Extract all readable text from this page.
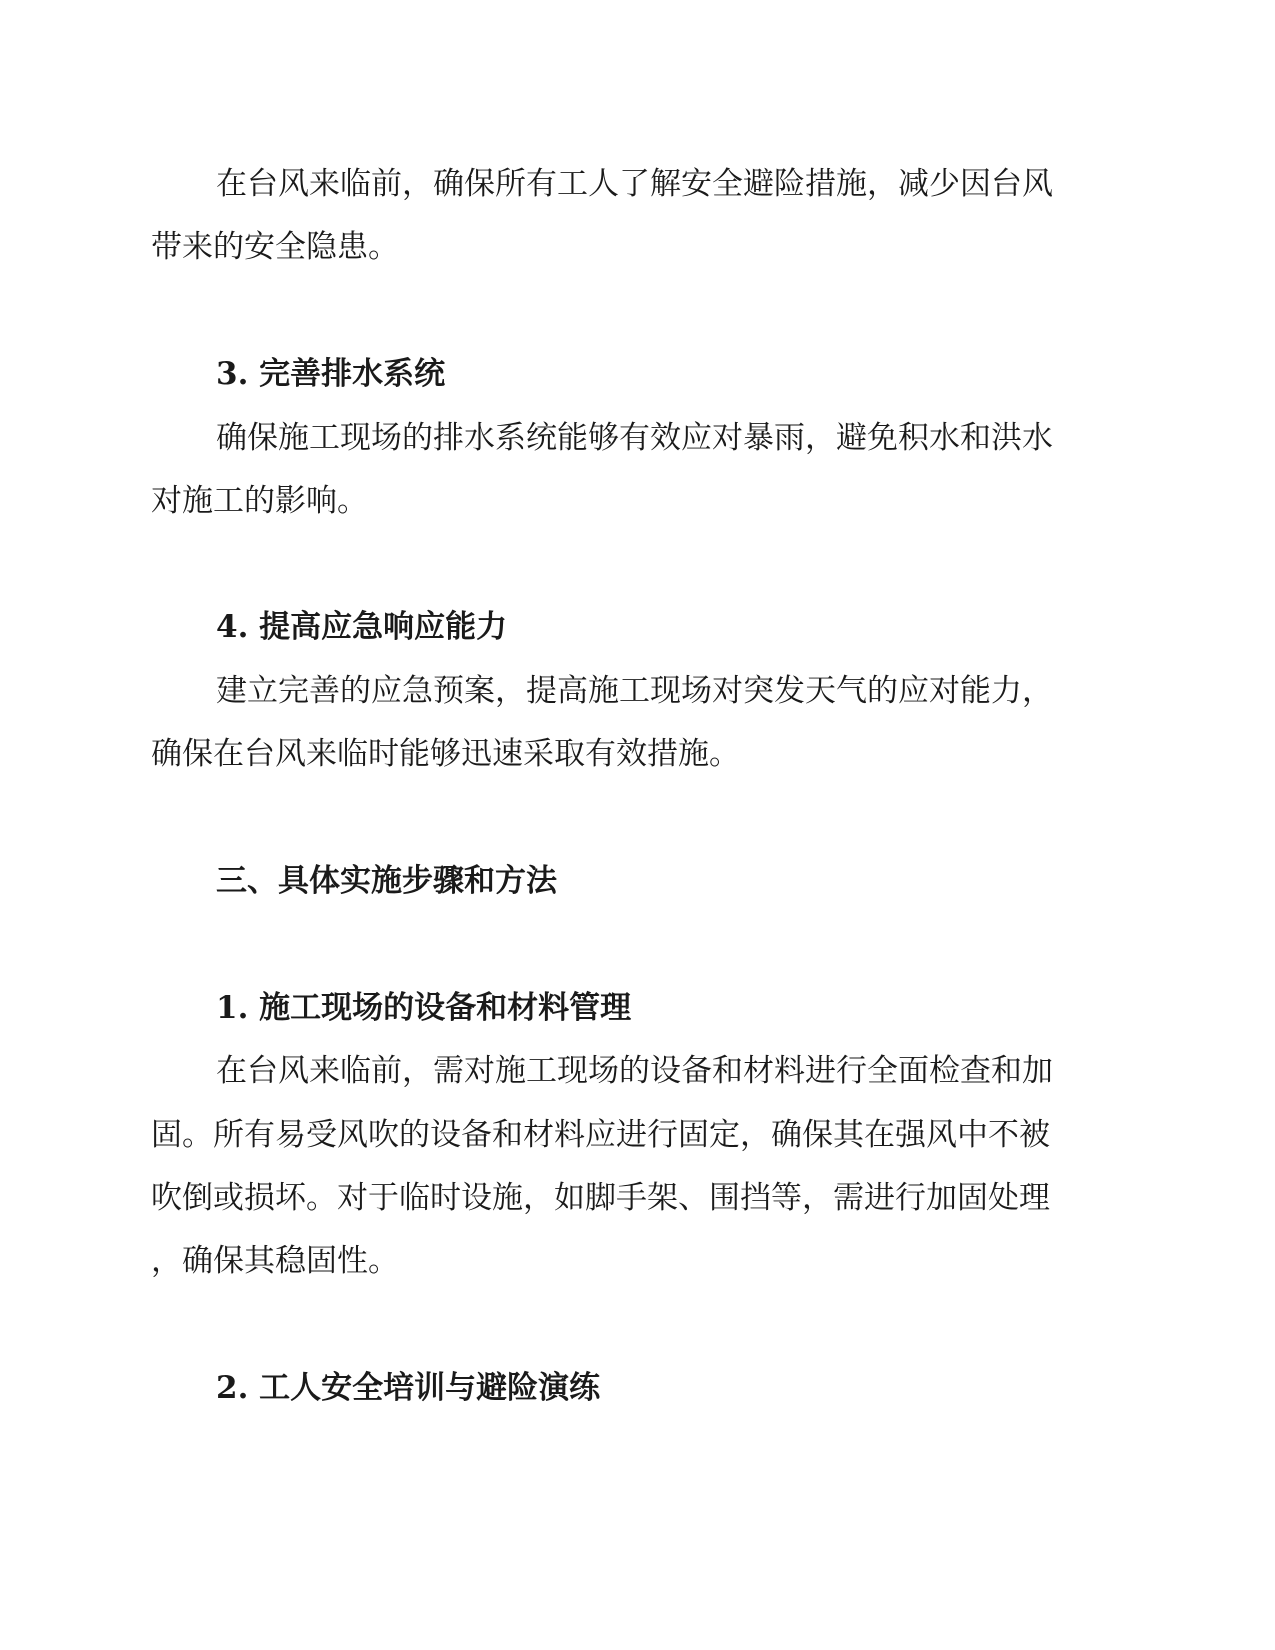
在台风来临前，确保所有工人了解安全避险措施，减少因台风
带来的安全隐患。
3. 完善排水系统
确保施工现场的排水系统能够有效应对暴雨，避免积水和洪水
对施工的影响。
4. 提高应急响应能力
建立完善的应急预案，提高施工现场对突发天气的应对能力，
确保在台风来临时能够迅速采取有效措施。
三、具体实施步骤和方法
1. 施工现场的设备和材料管理
在台风来临前，需对施工现场的设备和材料进行全面检查和加
固。所有易受风吹的设备和材料应进行固定，确保其在强风中不被
吹倒或损坏。对于临时设施，如脚手架、围挡等，需进行加固处理
，确保其稳固性。
2. 工人安全培训与避险演练
